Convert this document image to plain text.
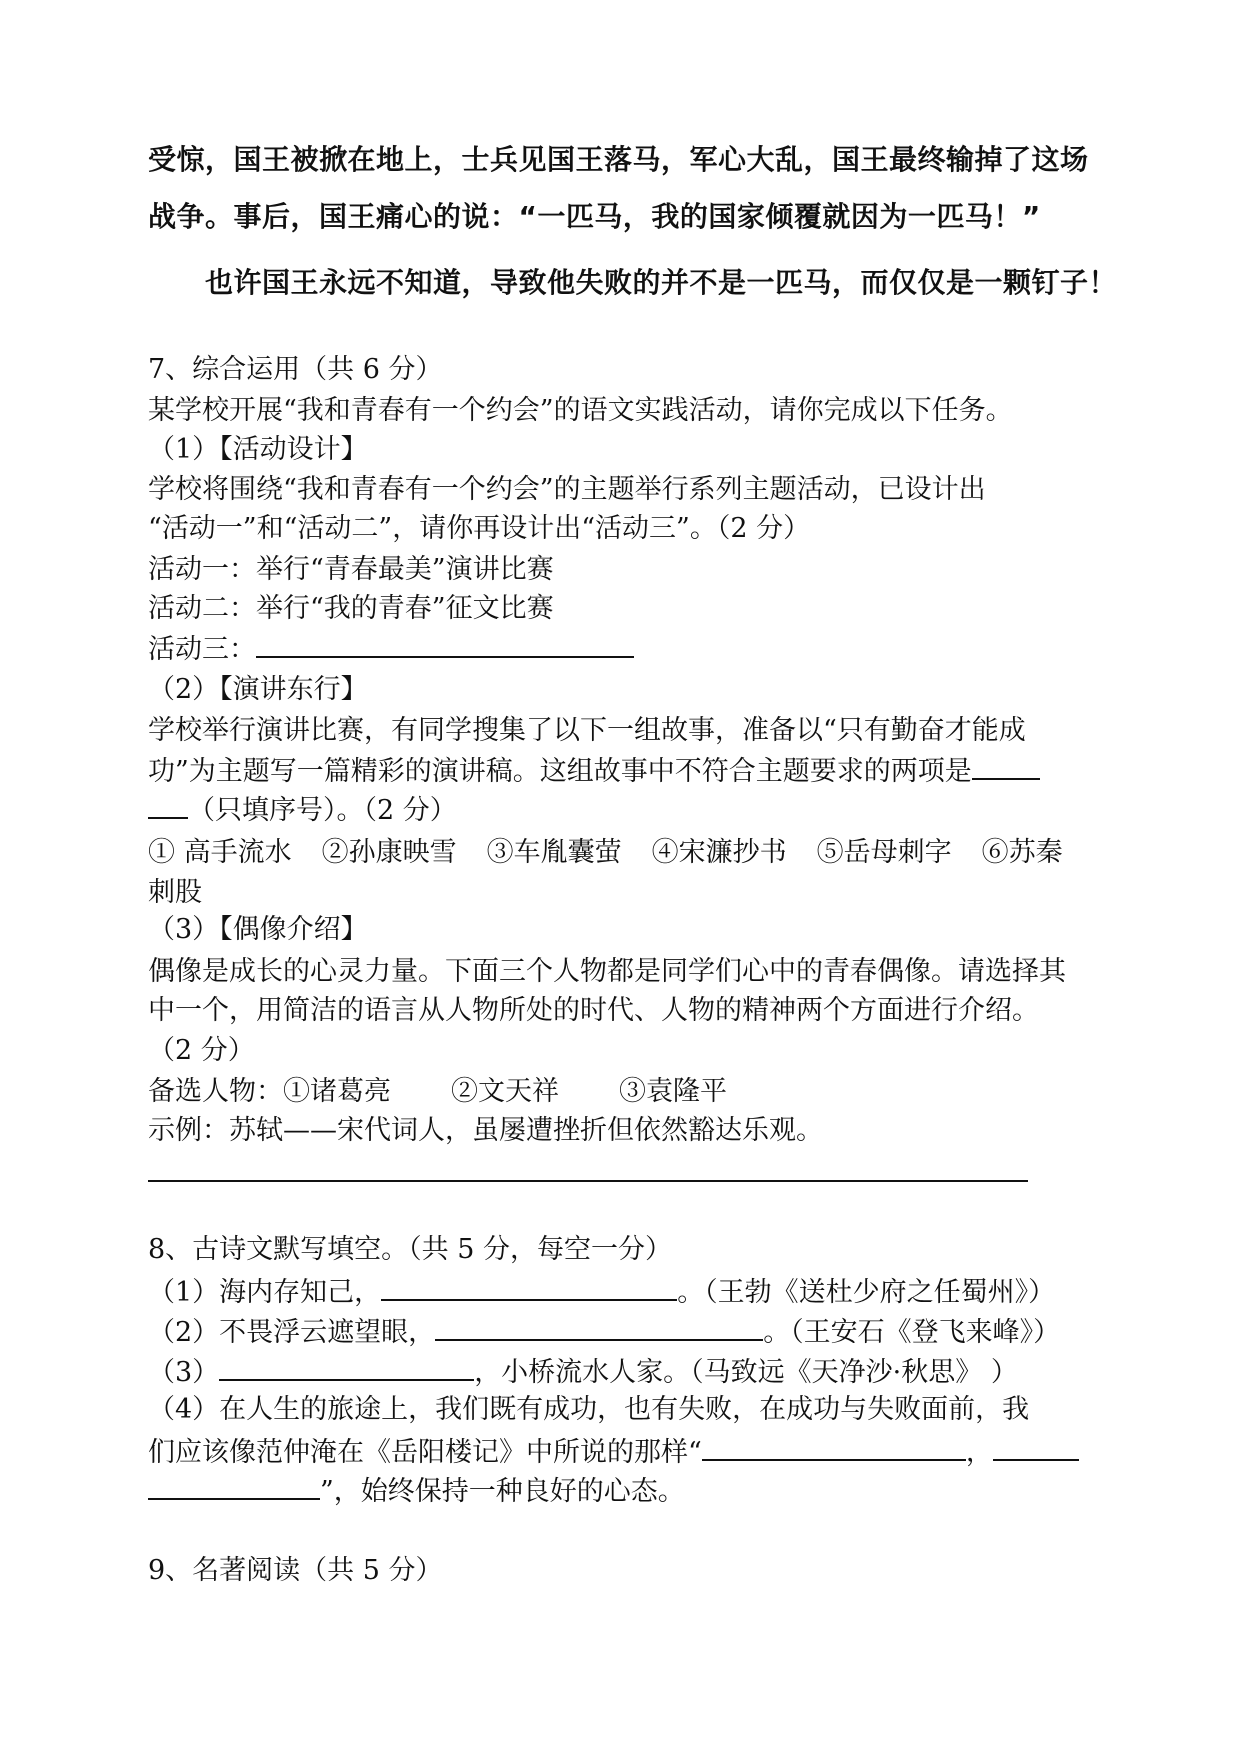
受惊，国王被掀在地上，士兵见国王落马，军心大乱，国王最终输掉了这场
战争。事后，国王痛心的说：“一匹马，我的国家倾覆就因为一匹马！”
也许国王永远不知道，导致他失败的并不是一匹马，而仅仅是一颗钉子！
7、综合运用（共 6 分）
某学校开展“我和青春有一个约会”的语文实践活动，请你完成以下任务。
（1）【活动设计】
学校将围绕“我和青春有一个约会”的主题举行系列主题活动，已设计出
“活动一”和“活动二”，请你再设计出“活动三”。（2 分）
活动一：举行“青春最美”演讲比赛
活动二：举行“我的青春”征文比赛
活动三：
（2）【演讲东行】
学校举行演讲比赛，有同学搜集了以下一组故事，准备以“只有勤奋才能成
功”为主题写一篇精彩的演讲稿。这组故事中不符合主题要求的两项是
（只填序号）。（2 分）
① 高手流水 ②孙康映雪 ③车胤囊萤 ④宋濂抄书 ⑤岳母刺字 ⑥苏秦
刺股
（3）【偶像介绍】
偶像是成长的心灵力量。下面三个人物都是同学们心中的青春偶像。请选择其
中一个，用简洁的语言从人物所处的时代、人物的精神两个方面进行介绍。
（2 分）
备选人物：①诸葛亮 ②文天祥 ③袁隆平
示例：苏轼——宋代词人，虽屡遭挫折但依然豁达乐观。
8、古诗文默写填空。（共 5 分，每空一分）
（1）海内存知己，	。（王勃《送杜少府之任蜀州》）
（2）不畏浮云遮望眼，	。（王安石《登飞来峰》）
（3）	，小桥流水人家。（马致远《天净沙·秋思》 ）
（4）在人生的旅途上，我们既有成功，也有失败，在成功与失败面前，我
们应该像范仲淹在《岳阳楼记》中所说的那样“	，
”，始终保持一种良好的心态。
9、名著阅读（共 5 分）
